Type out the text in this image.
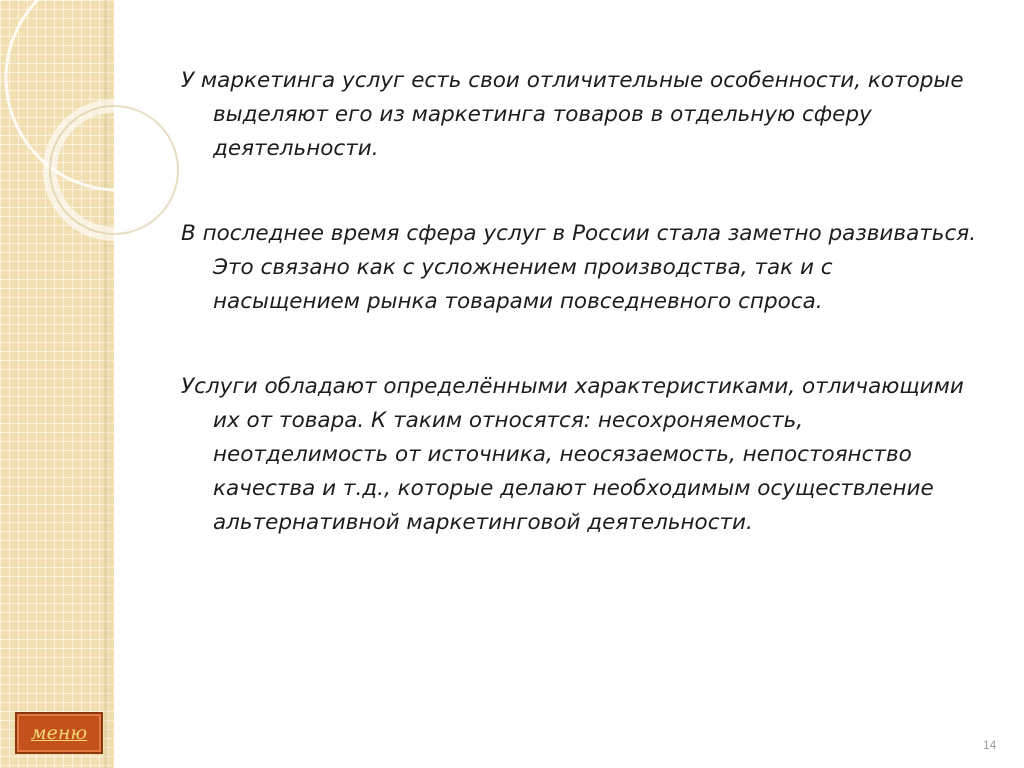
У маркетинга услуг есть свои отличительные особенности, которые выделяют его из маркетинга товаров в отдельную сферу деятельности.

В последнее время сфера услуг в России стала заметно развиваться. Это связано как с усложнением производства, так и с насыщением рынка товарами повседневного спроса.

Услуги обладают определёнными характеристиками, отличающими их от товара. К таким относятся: несохроняемость, неотделимость от источника, неосязаемость, непостоянство качества и т.д., которые делают необходимым осуществление альтернативной маркетинговой деятельности.

меню
14
